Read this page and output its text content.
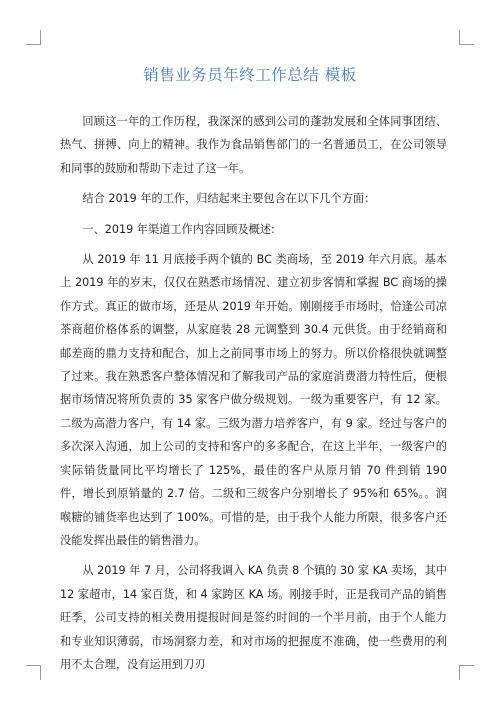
销售业务员年终工作总结 模板

回顾这一年的工作历程，我深深的感到公司的蓬勃发展和全体同事团结、热气、拼搏、向上的精神。我作为食品销售部门的一名普通员工，在公司领导和同事的鼓励和帮助下走过了这一年。

结合 2019 年的工作，归结起来主要包含在以下几个方面：

一、2019 年渠道工作内容回顾及概述:

从 2019 年 11 月底接手两个镇的 BC 类商场，至 2019 年六月底。基本上 2019 年的岁末，仅仅在熟悉市场情况、建立初步客情和掌握 BC 商场的操作方式。真正的做市场，还是从 2019 年开始。刚刚接手市场时，恰逢公司凉茶商超价格体系的调整，从家庭装 28 元调整到 30.4 元供货。由于经销商和邮差商的鼎力支持和配合，加上之前同事市场上的努力。所以价格很快就调整了过来。我在熟悉客户整体情况和了解我司产品的家庭消费潜力特性后，便根据市场情况将所负责的 35 家客户做分级规划。一级为重要客户，有 12 家。二级为高潜力客户，有 14 家。三级为潜力培养客户，有 9 家。经过与客户的多次深入沟通，加上公司的支持和客户的多多配合，在这上半年，一级客户的实际销货量同比平均增长了 125%，最佳的客户从原月销 70 件到销 190 件，增长到原销量的 2.7 倍。二级和三级客户分别增长了 95%和 65%。。润喉糖的铺货率也达到了 100%。可惜的是，由于我个人能力所限，很多客户还没能发挥出最佳的销售潜力。

从 2019 年 7 月，公司将我调入 KA 负责 8 个镇的 30 家 KA 卖场，其中 12 家超市，14 家百货，和 4 家跨区 KA 场。刚接手时，正是我司产品的销售旺季，公司支持的相关费用提报时间是签约时间的一个半月前，由于个人能力和专业知识薄弱，市场洞察力差，和对市场的把握度不准确，使一些费用的利用不太合理，没有运用到刀刃
